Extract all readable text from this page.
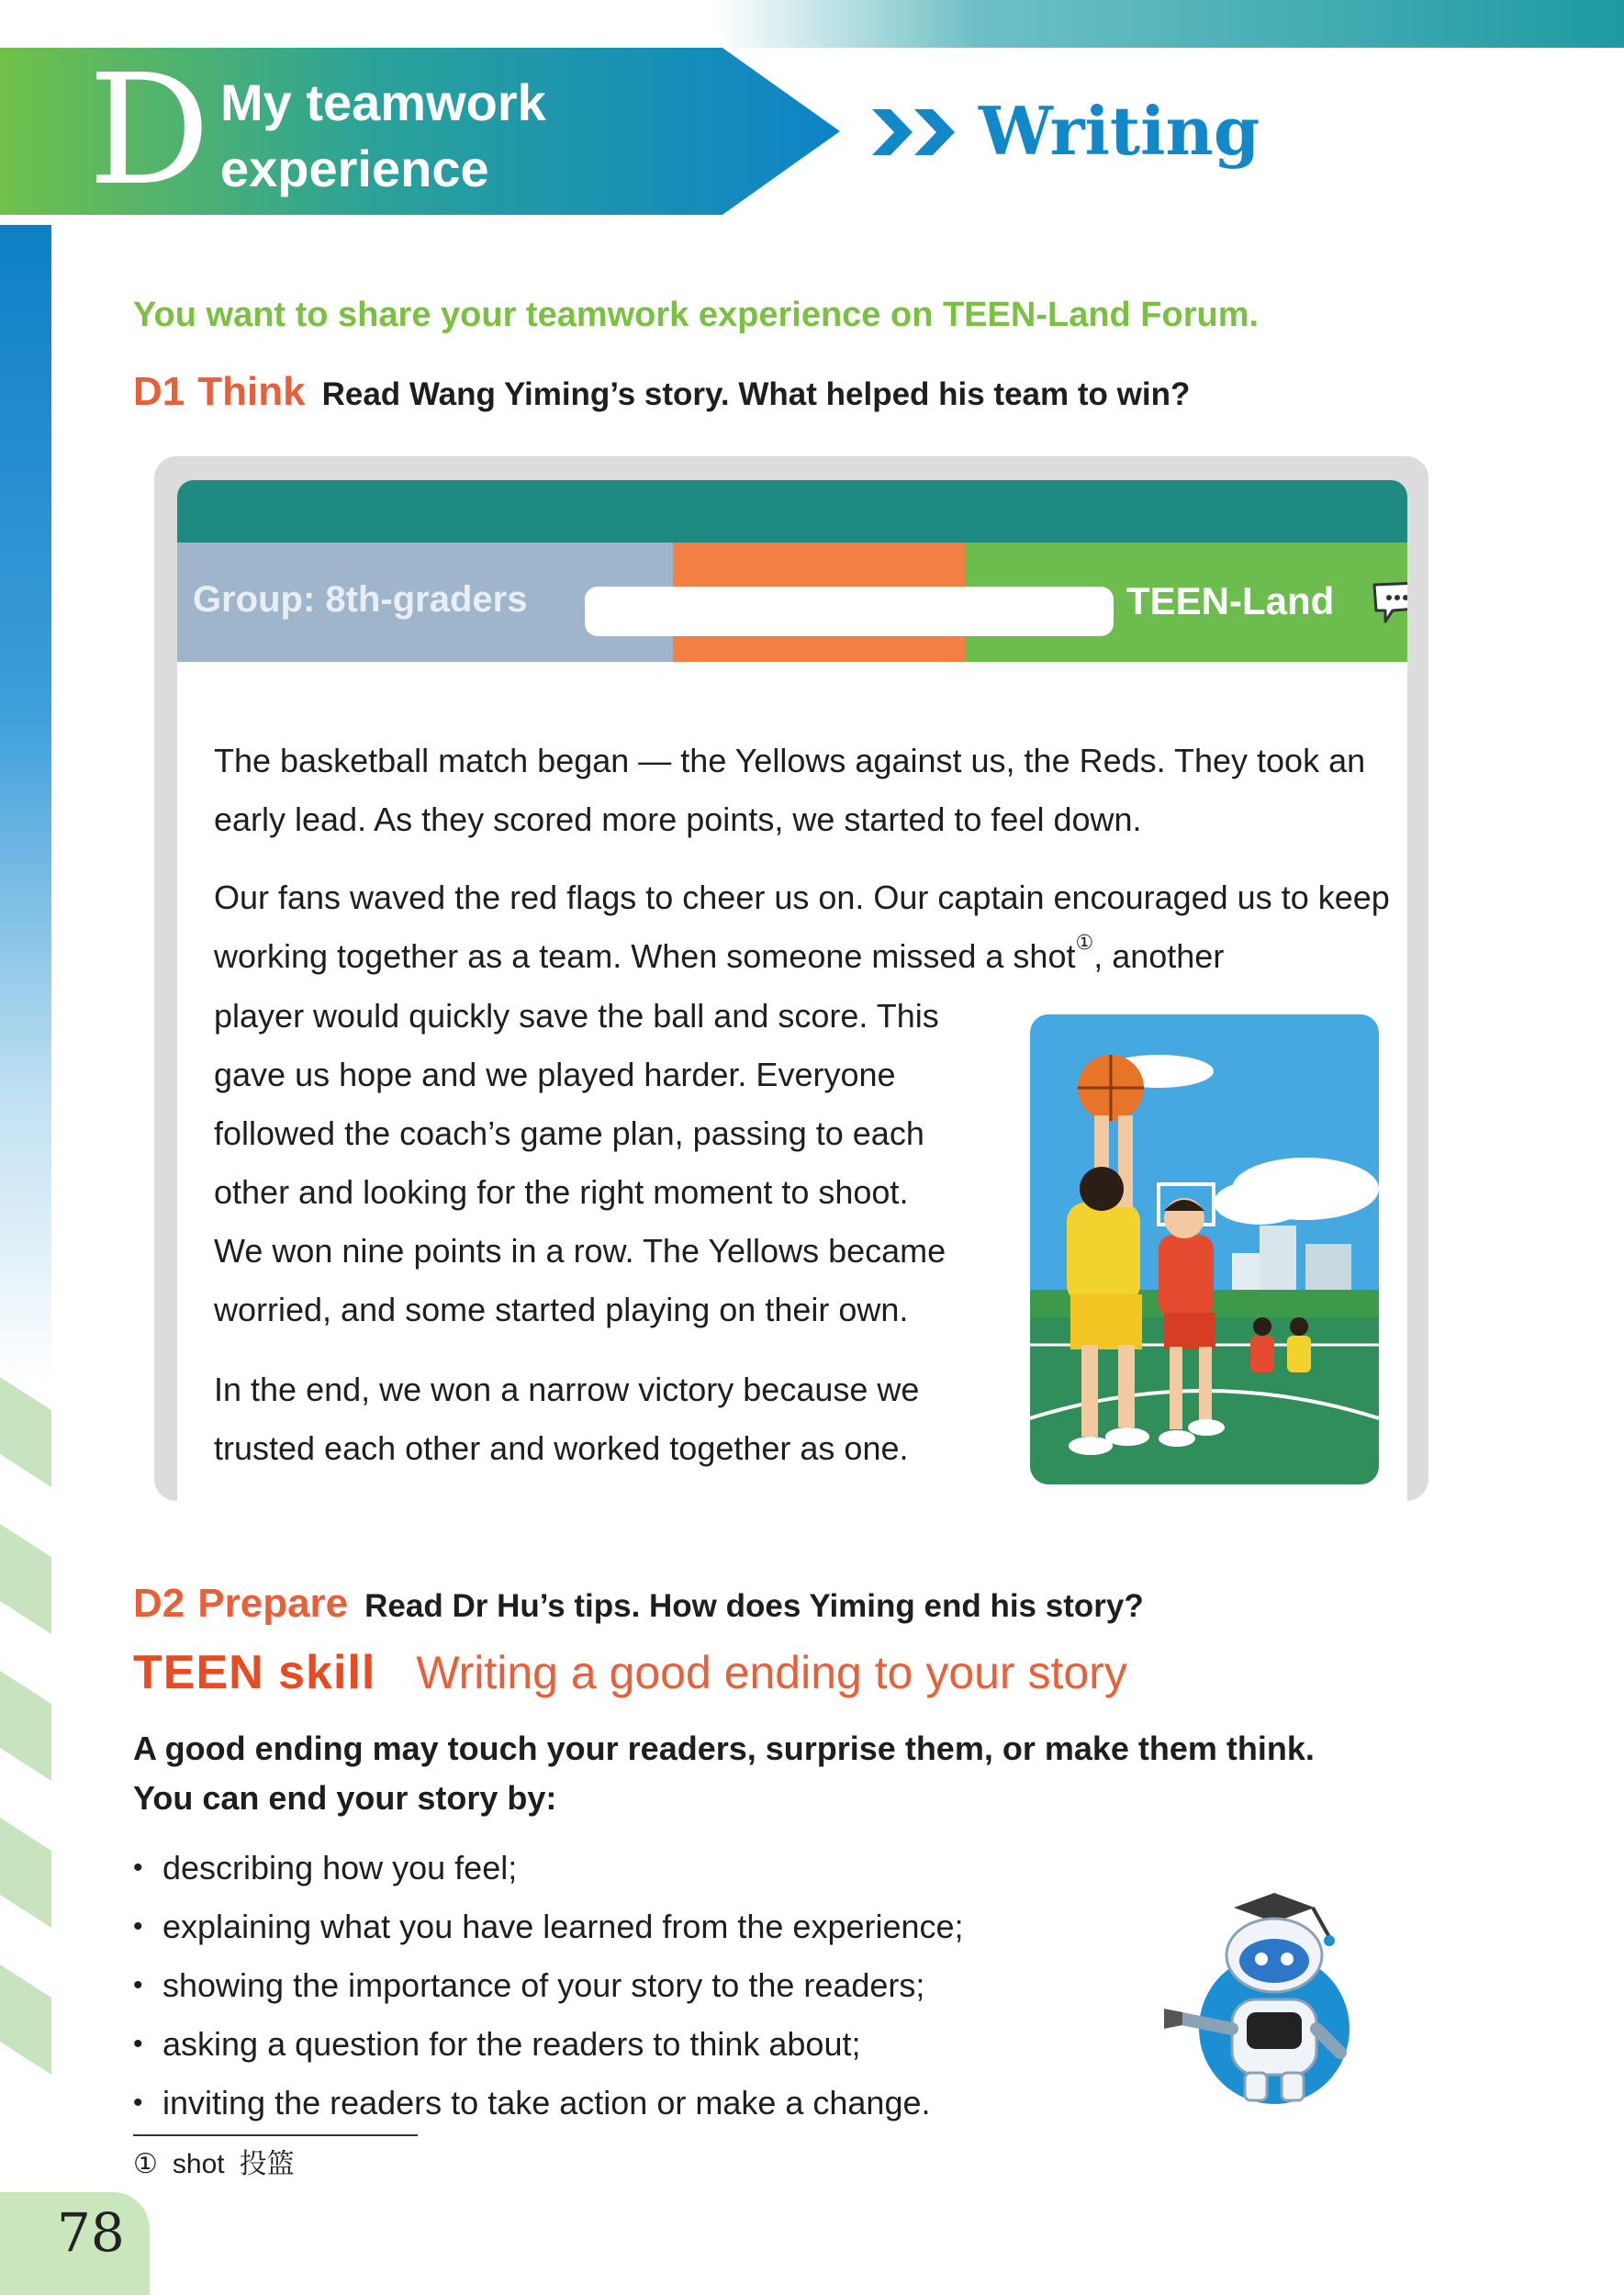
D My teamwork experience	Writing
You want to share your teamwork experience on TEEN-Land Forum.
D1 Think Read Wang Yiming’s story. What helped his team to win?
Group: 8th-graders	TEEN-Land
The basketball match began — the Yellows against us, the Reds. They took an early lead. As they scored more points, we started to feel down.
Our fans waved the red flags to cheer us on. Our captain encouraged us to keep working together as a team. When someone missed a shot①, another
player would quickly save the ball and score. This
gave us hope and we played harder. Everyone
followed the coach’s game plan, passing to each
other and looking for the right moment to shoot.
We won nine points in a row. The Yellows became
worried, and some started playing on their own.
In the end, we won a narrow victory because we
trusted each other and worked together as one.
D2 Prepare Read Dr Hu’s tips. How does Yiming end his story?
TEEN skill Writing a good ending to your story
A good ending may touch your readers, surprise them, or make them think.
You can end your story by:
• describing how you feel;
• explaining what you have learned from the experience;
• showing the importance of your story to the readers;
• asking a question for the readers to think about;
• inviting the readers to take action or make a change.
① shot 投篮
78
